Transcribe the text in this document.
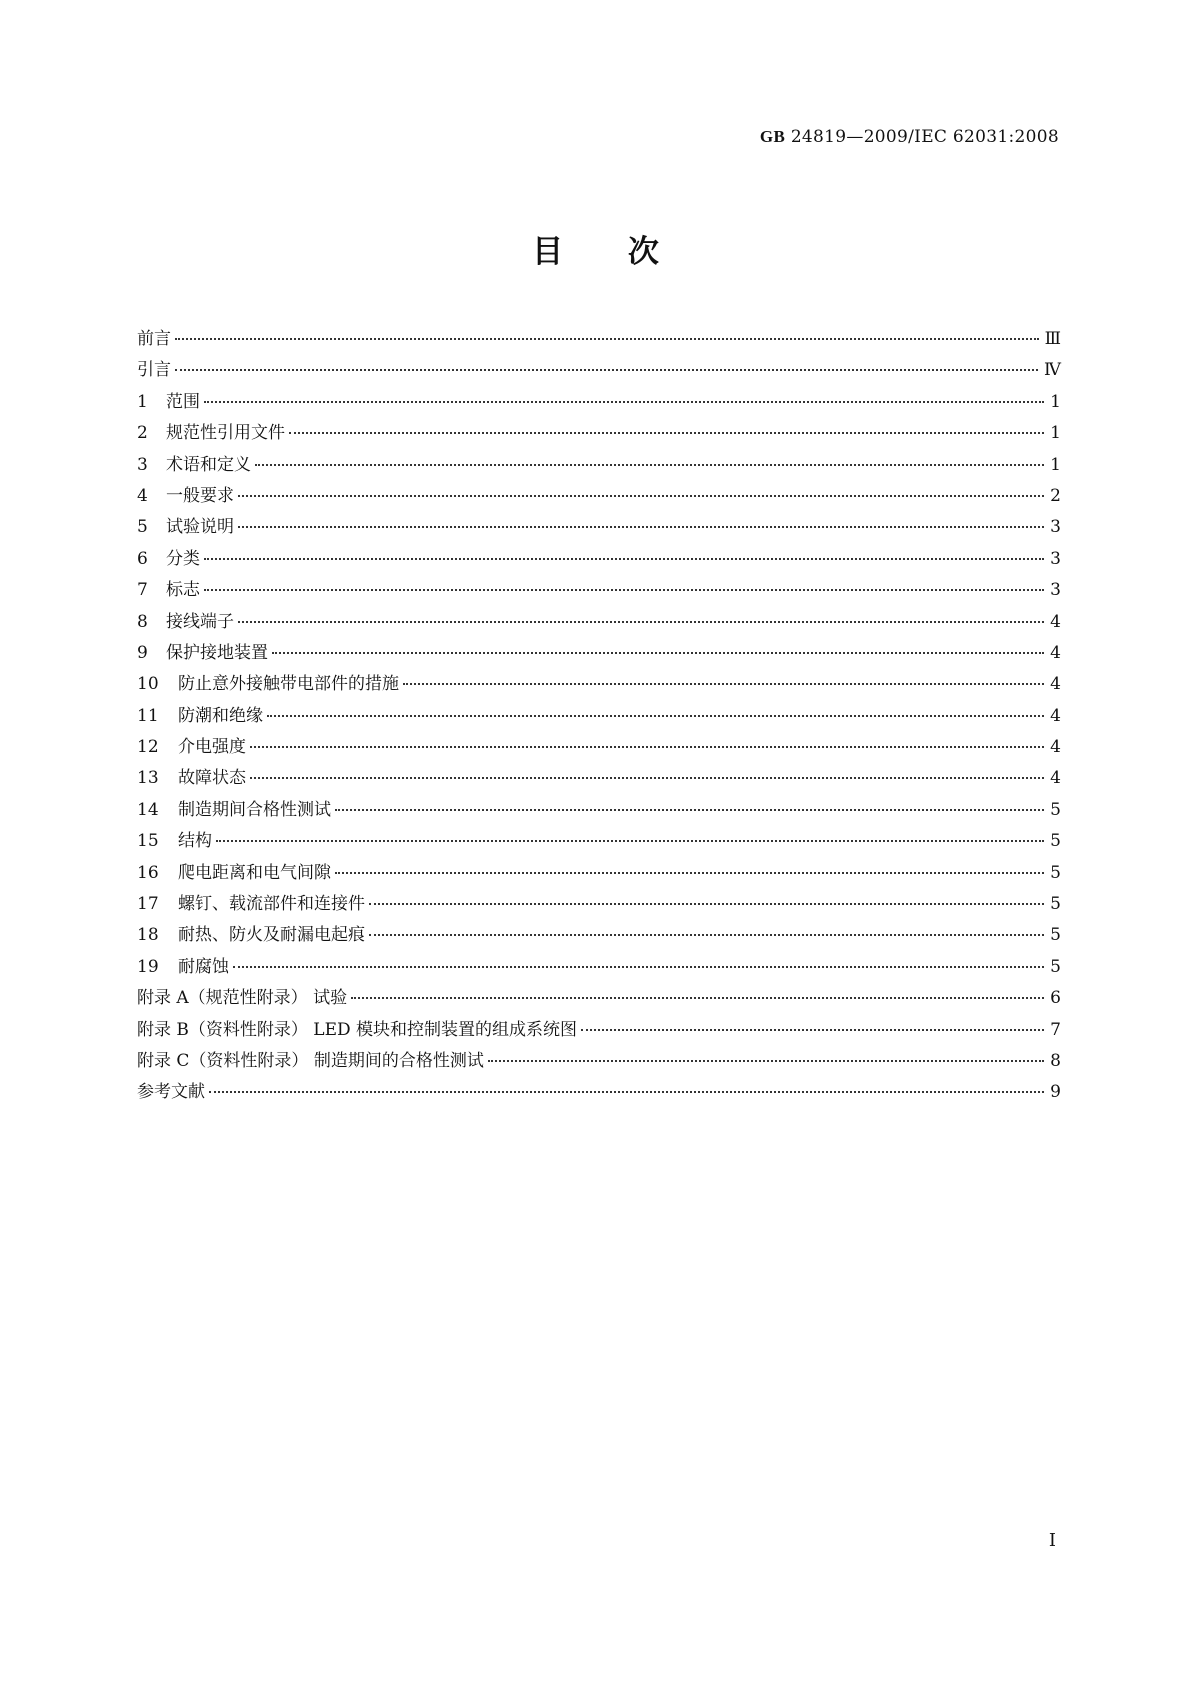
GB 24819—2009/IEC 62031:2008
目 次
前言	Ⅲ
引言	Ⅳ
1	范围	1
2	规范性引用文件	1
3	术语和定义	1
4	一般要求	2
5	试验说明	3
6	分类	3
7	标志	3
8	接线端子	4
9	保护接地装置	4
10	防止意外接触带电部件的措施	4
11	防潮和绝缘	4
12	介电强度	4
13	故障状态	4
14	制造期间合格性测试	5
15	结构	5
16	爬电距离和电气间隙	5
17	螺钉、载流部件和连接件	5
18	耐热、防火及耐漏电起痕	5
19	耐腐蚀	5
附录 A（规范性附录） 试验	6
附录 B（资料性附录） LED 模块和控制装置的组成系统图	7
附录 C（资料性附录） 制造期间的合格性测试	8
参考文献	9
I
